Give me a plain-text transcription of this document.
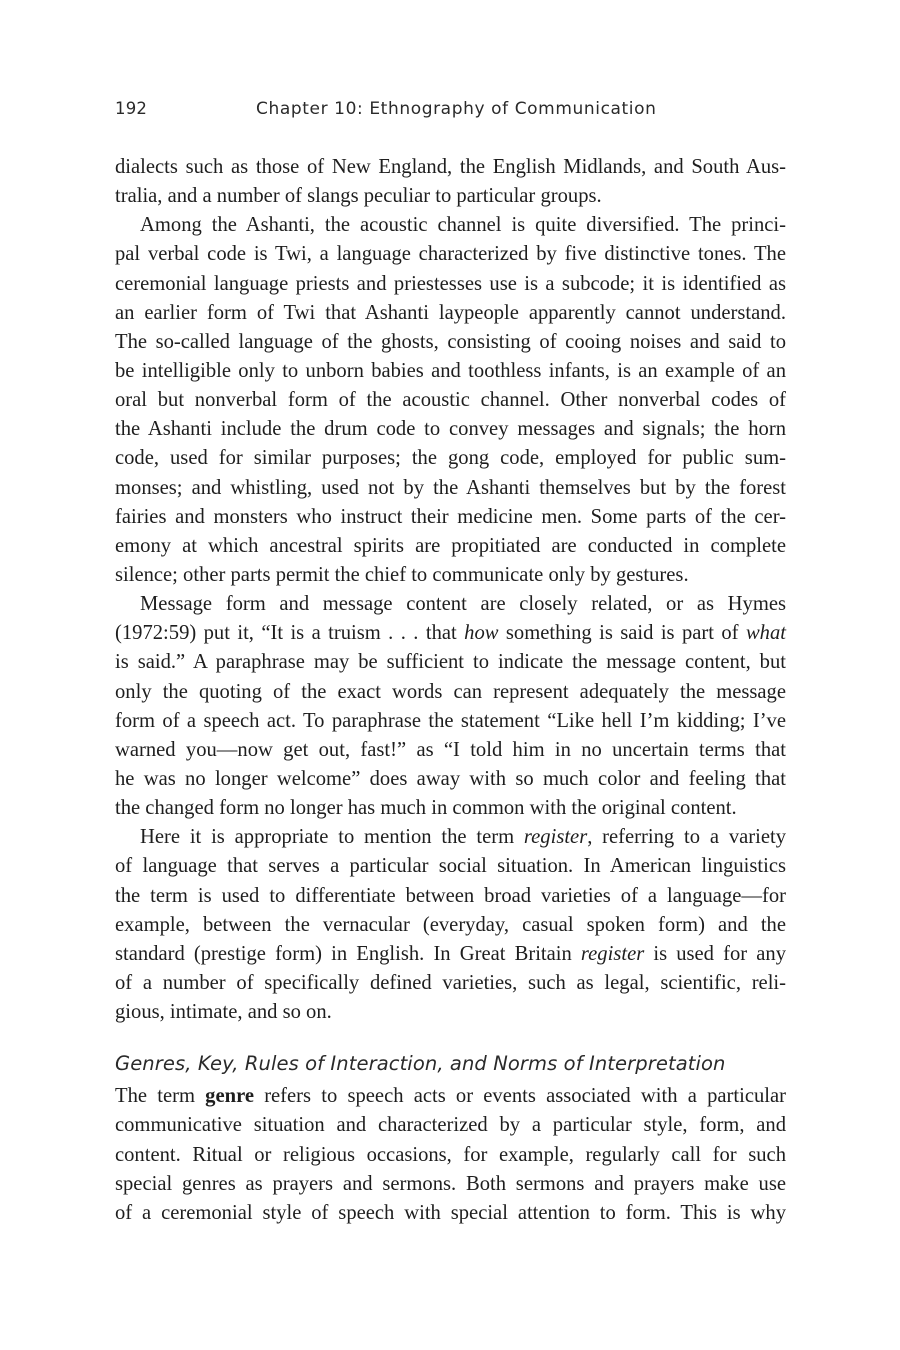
192	Chapter 10: Ethnography of Communication
dialects such as those of New England, the English Midlands, and South Aus-
tralia, and a number of slangs peculiar to particular groups.
Among the Ashanti, the acoustic channel is quite diversified. The princi-
pal verbal code is Twi, a language characterized by five distinctive tones. The
ceremonial language priests and priestesses use is a subcode; it is identified as
an earlier form of Twi that Ashanti laypeople apparently cannot understand.
The so-called language of the ghosts, consisting of cooing noises and said to
be intelligible only to unborn babies and toothless infants, is an example of an
oral but nonverbal form of the acoustic channel. Other nonverbal codes of
the Ashanti include the drum code to convey messages and signals; the horn
code, used for similar purposes; the gong code, employed for public sum-
monses; and whistling, used not by the Ashanti themselves but by the forest
fairies and monsters who instruct their medicine men. Some parts of the cer-
emony at which ancestral spirits are propitiated are conducted in complete
silence; other parts permit the chief to communicate only by gestures.
Message form and message content are closely related, or as Hymes
(1972:59) put it, “It is a truism . . . that how something is said is part of what
is said.” A paraphrase may be sufficient to indicate the message content, but
only the quoting of the exact words can represent adequately the message
form of a speech act. To paraphrase the statement “Like hell I’m kidding; I’ve
warned you—now get out, fast!” as “I told him in no uncertain terms that
he was no longer welcome” does away with so much color and feeling that
the changed form no longer has much in common with the original content.
Here it is appropriate to mention the term register, referring to a variety
of language that serves a particular social situation. In American linguistics
the term is used to differentiate between broad varieties of a language—for
example, between the vernacular (everyday, casual spoken form) and the
standard (prestige form) in English. In Great Britain register is used for any
of a number of specifically defined varieties, such as legal, scientific, reli-
gious, intimate, and so on.
Genres, Key, Rules of Interaction, and Norms of Interpretation
The term genre refers to speech acts or events associated with a particular
communicative situation and characterized by a particular style, form, and
content. Ritual or religious occasions, for example, regularly call for such
special genres as prayers and sermons. Both sermons and prayers make use
of a ceremonial style of speech with special attention to form. This is why
